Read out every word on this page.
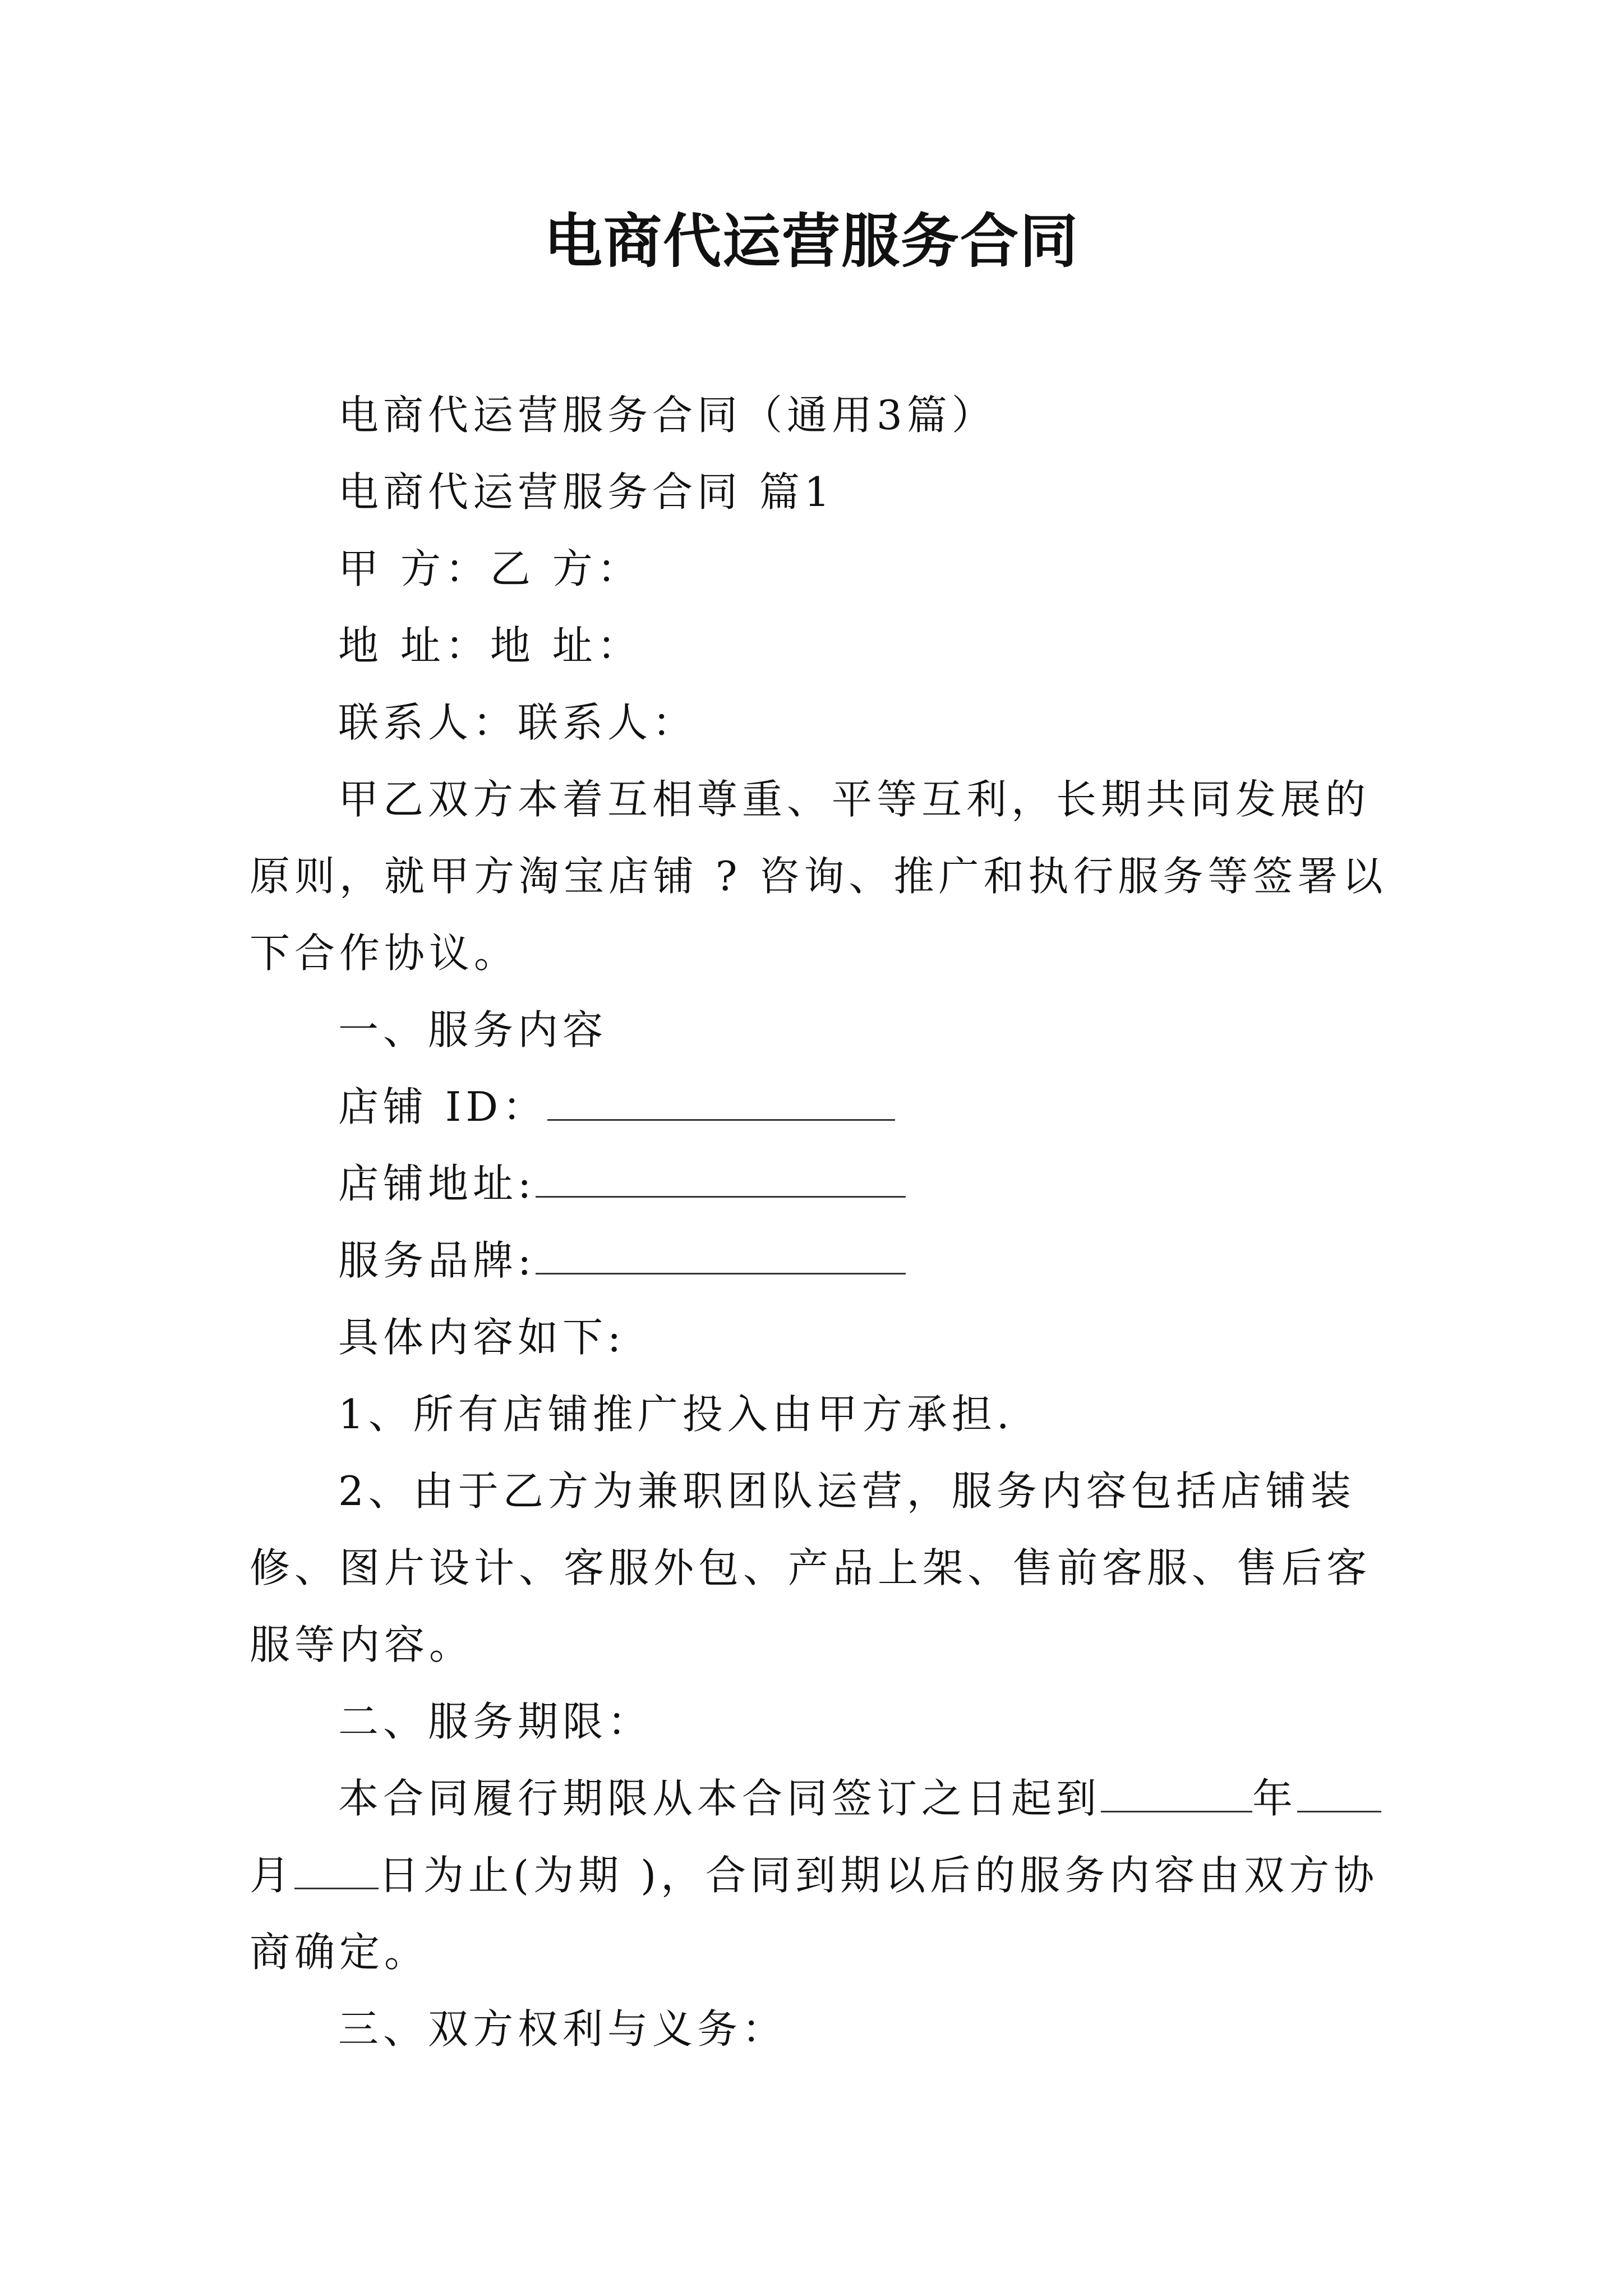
电商代运营服务合同

电商代运营服务合同（通用3篇）

电商代运营服务合同 篇1

甲 方：乙 方：

地 址：地 址：

联系人：联系人：

甲乙双方本着互相尊重、平等互利，长期共同发展的原则，就甲方淘宝店铺 ? 咨询、推广和执行服务等签署以下合作协议。

一、服务内容

店铺 ID：

店铺地址:

服务品牌:

具体内容如下:

1、所有店铺推广投入由甲方承担.

2、由于乙方为兼职团队运营，服务内容包括店铺装修、图片设计、客服外包、产品上架、售前客服、售后客服等内容。

二、服务期限：

本合同履行期限从本合同签订之日起到	年月 日为止(为期 )，合同到期以后的服务内容由双方协商确定。

三、双方权利与义务：
